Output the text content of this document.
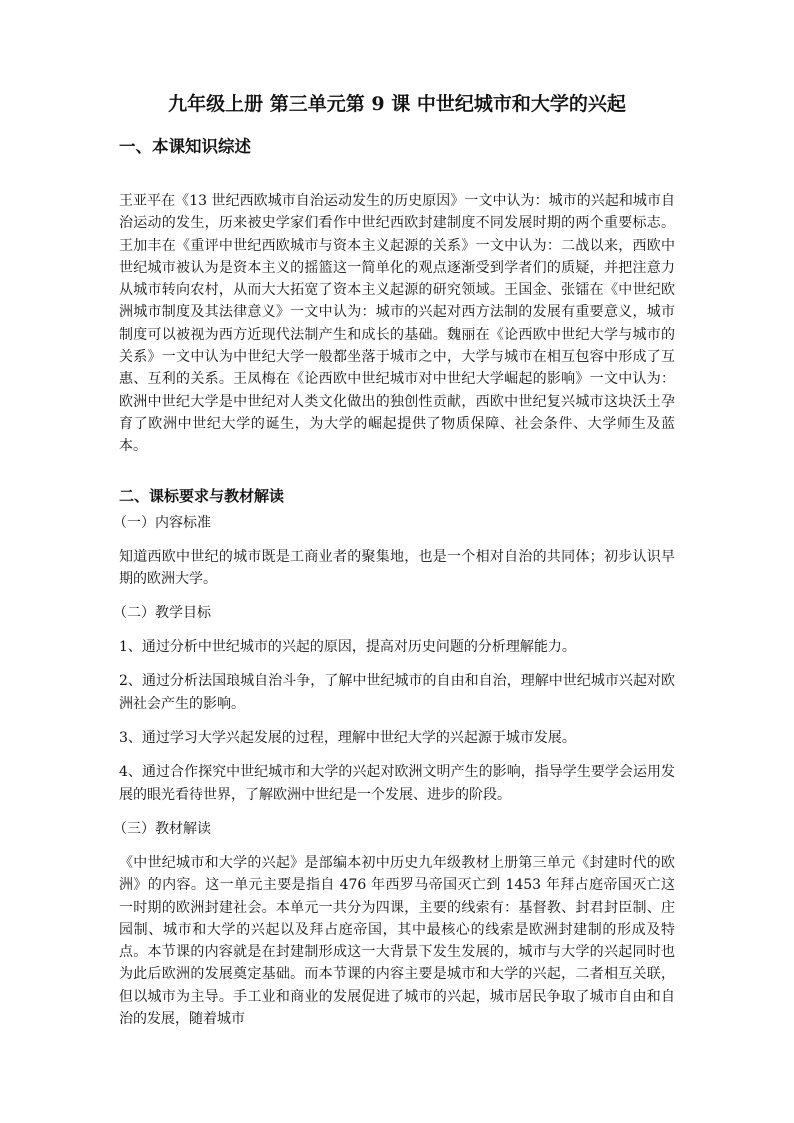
九年级上册 第三单元第 9 课 中世纪城市和大学的兴起
一、本课知识综述

王亚平在《13 世纪西欧城市自治运动发生的历史原因》一文中认为：城市的兴起和城市自治运动的发生，历来被史学家们看作中世纪西欧封建制度不同发展时期的两个重要标志。王加丰在《重评中世纪西欧城市与资本主义起源的关系》一文中认为：二战以来，西欧中世纪城市被认为是资本主义的摇篮这一简单化的观点逐渐受到学者们的质疑，并把注意力从城市转向农村，从而大大拓宽了资本主义起源的研究领域。王国金、张镭在《中世纪欧洲城市制度及其法律意义》一文中认为：城市的兴起对西方法制的发展有重要意义，城市制度可以被视为西方近现代法制产生和成长的基础。魏丽在《论西欧中世纪大学与城市的关系》一文中认为中世纪大学一般都坐落于城市之中，大学与城市在相互包容中形成了互惠、互利的关系。王凤梅在《论西欧中世纪城市对中世纪大学崛起的影响》一文中认为：欧洲中世纪大学是中世纪对人类文化做出的独创性贡献，西欧中世纪复兴城市这块沃土孕育了欧洲中世纪大学的诞生，为大学的崛起提供了物质保障、社会条件、大学师生及蓝本。

二、课标要求与教材解读

（一）内容标准

知道西欧中世纪的城市既是工商业者的聚集地，也是一个相对自治的共同体；初步认识早期的欧洲大学。

（二）教学目标

1、通过分析中世纪城市的兴起的原因，提高对历史问题的分析理解能力。

2、通过分析法国琅城自治斗争，了解中世纪城市的自由和自治，理解中世纪城市兴起对欧洲社会产生的影响。

3、通过学习大学兴起发展的过程，理解中世纪大学的兴起源于城市发展。

4、通过合作探究中世纪城市和大学的兴起对欧洲文明产生的影响，指导学生要学会运用发展的眼光看待世界，了解欧洲中世纪是一个发展、进步的阶段。

（三）教材解读

《中世纪城市和大学的兴起》是部编本初中历史九年级教材上册第三单元《封建时代的欧洲》的内容。这一单元主要是指自 476 年西罗马帝国灭亡到 1453 年拜占庭帝国灭亡这一时期的欧洲封建社会。本单元一共分为四课，主要的线索有：基督教、封君封臣制、庄园制、城市和大学的兴起以及拜占庭帝国，其中最核心的线索是欧洲封建制的形成及特点。本节课的内容就是在封建制形成这一大背景下发生发展的，城市与大学的兴起同时也为此后欧洲的发展奠定基础。而本节课的内容主要是城市和大学的兴起，二者相互关联，但以城市为主导。手工业和商业的发展促进了城市的兴起，城市居民争取了城市自由和自治的发展，随着城市
